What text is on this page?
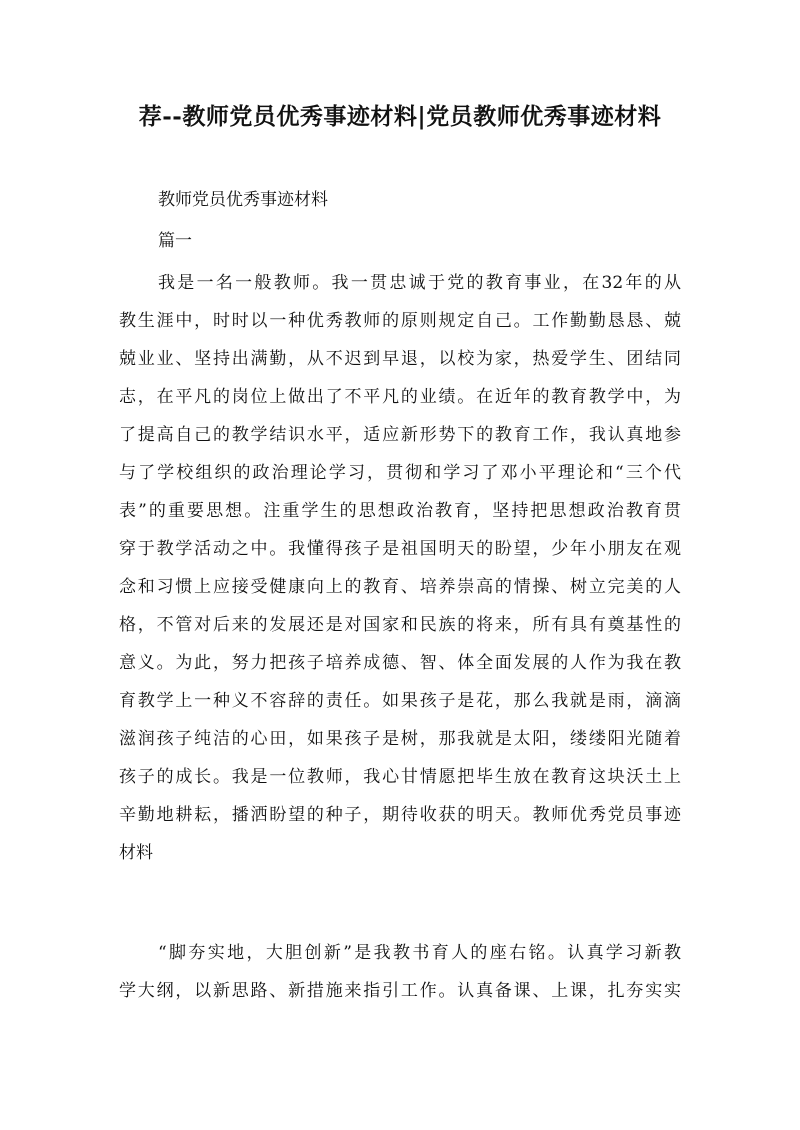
荐--教师党员优秀事迹材料|党员教师优秀事迹材料
教师党员优秀事迹材料
篇一
我是一名一般教师。我一贯忠诚于党的教育事业，在32年的从
教生涯中，时时以一种优秀教师的原则规定自己。工作勤勤恳恳、兢
兢业业、坚持出满勤，从不迟到早退，以校为家，热爱学生、团结同
志，在平凡的岗位上做出了不平凡的业绩。在近年的教育教学中，为
了提高自己的教学结识水平，适应新形势下的教育工作，我认真地参
与了学校组织的政治理论学习，贯彻和学习了邓小平理论和“三个代
表”的重要思想。注重学生的思想政治教育，坚持把思想政治教育贯
穿于教学活动之中。我懂得孩子是祖国明天的盼望，少年小朋友在观
念和习惯上应接受健康向上的教育、培养崇高的情操、树立完美的人
格，不管对后来的发展还是对国家和民族的将来，所有具有奠基性的
意义。为此，努力把孩子培养成德、智、体全面发展的人作为我在教
育教学上一种义不容辞的责任。如果孩子是花，那么我就是雨，滴滴
滋润孩子纯洁的心田，如果孩子是树，那我就是太阳，缕缕阳光随着
孩子的成长。我是一位教师，我心甘情愿把毕生放在教育这块沃土上
辛勤地耕耘，播洒盼望的种子，期待收获的明天。教师优秀党员事迹
材料
“脚夯实地，大胆创新”是我教书育人的座右铭。认真学习新教
学大纲，以新思路、新措施来指引工作。认真备课、上课，扎夯实实
